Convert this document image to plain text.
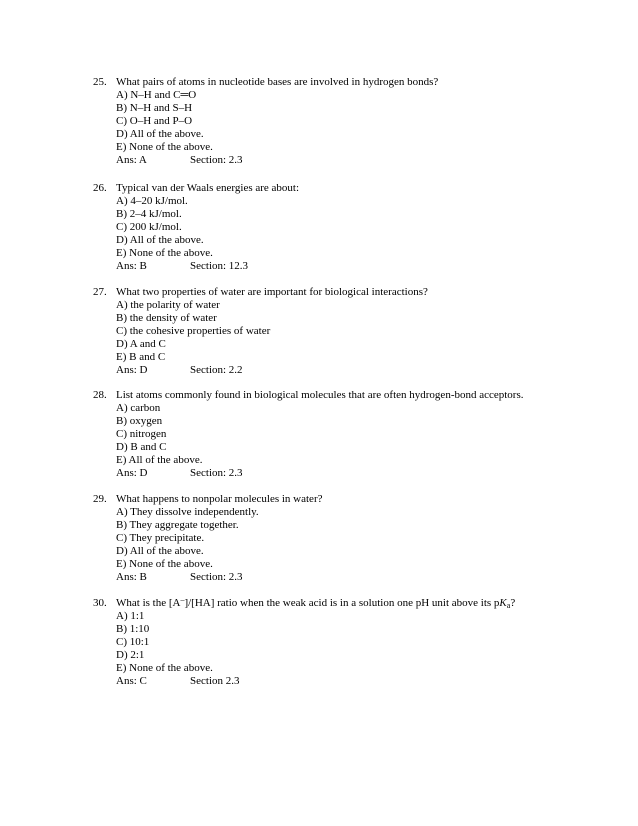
25. What pairs of atoms in nucleotide bases are involved in hydrogen bonds?
A) N–H and C═O
B) N–H and S–H
C) O–H and P–O
D) All of the above.
E) None of the above.
Ans: A	Section: 2.3
26. Typical van der Waals energies are about:
A) 4–20 kJ/mol.
B) 2–4 kJ/mol.
C) 200 kJ/mol.
D) All of the above.
E) None of the above.
Ans: B	Section: 12.3
27. What two properties of water are important for biological interactions?
A) the polarity of water
B) the density of water
C) the cohesive properties of water
D) A and C
E) B and C
Ans: D	Section: 2.2
28. List atoms commonly found in biological molecules that are often hydrogen-bond acceptors.
A) carbon
B) oxygen
C) nitrogen
D) B and C
E) All of the above.
Ans: D	Section: 2.3
29. What happens to nonpolar molecules in water?
A) They dissolve independently.
B) They aggregate together.
C) They precipitate.
D) All of the above.
E) None of the above.
Ans: B	Section: 2.3
30. What is the [A–]/[HA] ratio when the weak acid is in a solution one pH unit above its $pK_a$?
A) 1:1
B) 1:10
C) 10:1
D) 2:1
E) None of the above.
Ans: C	Section 2.3
